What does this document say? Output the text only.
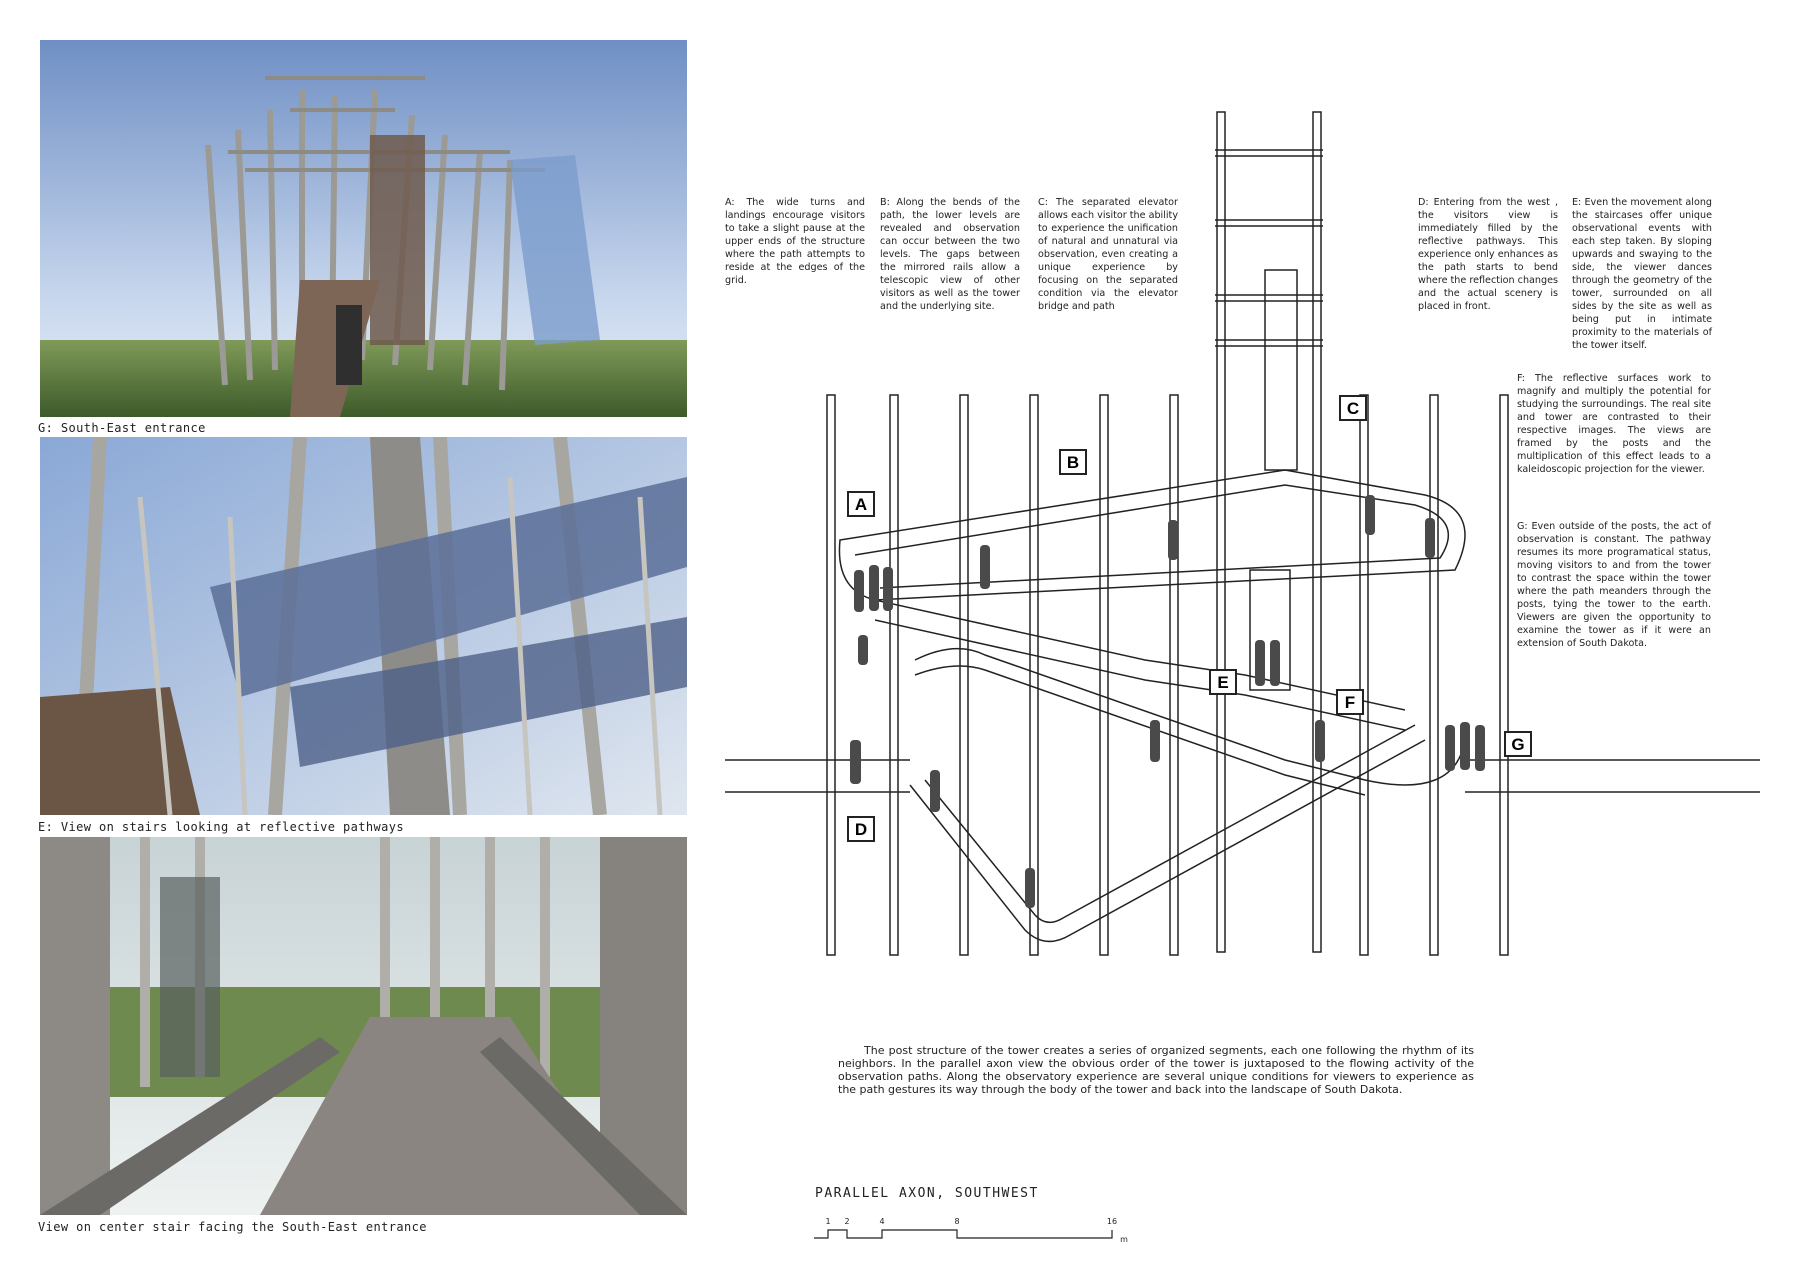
G: South-East entrance
E: View on stairs looking at reflective pathways
View on center stair facing the South-East entrance
A: The wide turns and landings encourage visitors to take a slight pause at the upper ends of the structure where the path attempts to reside at the edges of the grid.
B: Along the bends of the path, the lower levels are revealed and observation can occur between the two levels. The gaps between the mirrored rails allow a telescopic view of other visitors as well as the tower and the underlying site.
C: The separated elevator allows each visitor the ability to experience the unification of natural and unnatural via observation, even creating a unique experience by focusing on the separated condition via the elevator bridge and path
D: Entering from the west , the visitors view is immediately filled by the reflective pathways. This experience only enhances as the path starts to bend where the reflection changes and the actual scenery is placed in front.
E: Even the movement along the staircases offer unique observational events with each step taken. By sloping upwards and swaying to the side, the viewer dances through the geometry of the tower, surrounded on all sides by the site as well as being put in intimate proximity to the materials of the tower itself.
F: The reflective surfaces work to magnify and multiply the potential for studying the surroundings. The real site and tower are contrasted to their respective images. The views are framed by the posts and the multiplication of this effect leads to a kaleidoscopic projection for the viewer.
G: Even outside of the posts, the act of observation is constant. The pathway resumes its more programatical status, moving visitors to and from the tower to contrast the space within the tower where the path meanders through the posts, tying the tower to the earth. Viewers are given the opportunity to examine the tower as if it were an extension of South Dakota.
A
B
C
D
E
F
G
The post structure of the tower creates a series of organized segments, each one following the rhythm of its neighbors. In the parallel axon view the obvious order of the tower is juxtaposed to the flowing activity of the observation paths. Along the observatory experience are several unique conditions for viewers to experience as the path gestures its way through the body of the tower and back into the landscape of South Dakota.
PARALLEL AXON, SOUTHWEST
1 2	4	8	16
m
